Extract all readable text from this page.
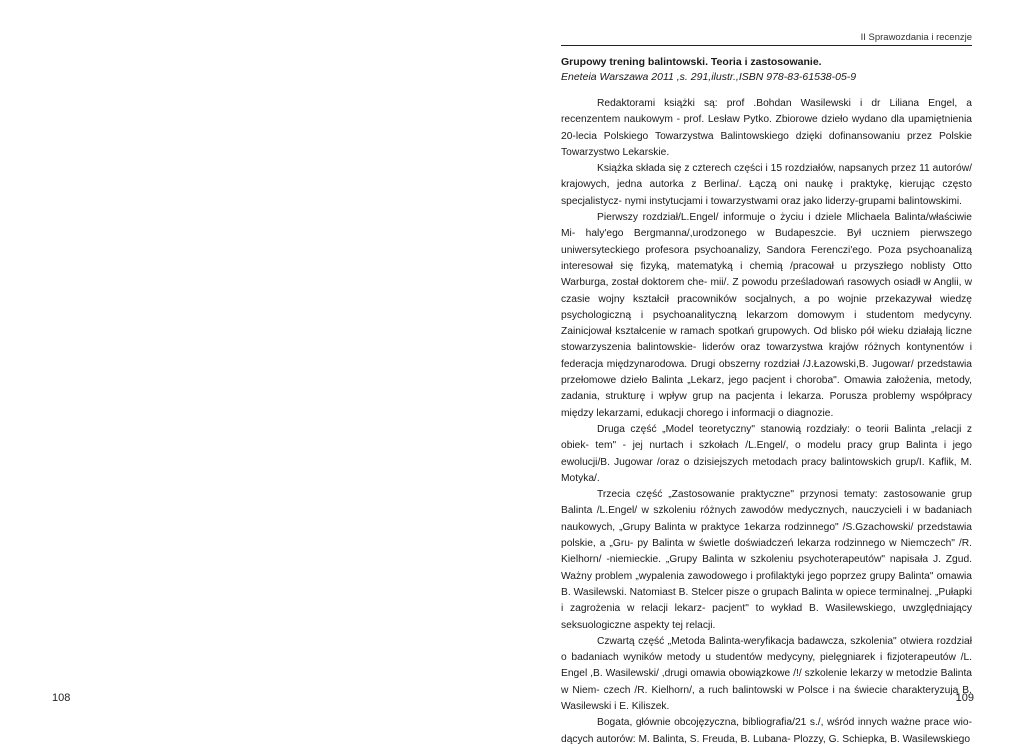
108
II Sprawozdania i recenzje
Grupowy trening balintowski. Teoria i zastosowanie.
Eneteia Warszawa 2011 ,s. 291,ilustr.,ISBN 978-83-61538-05-9

Redaktorami książki są: prof .Bohdan Wasilewski i dr Liliana Engel, a recenzentem naukowym - prof. Lesław Pytko. Zbiorowe dzieło wydano dla upamiętnienia 20-lecia Polskiego Towarzystwa Balintowskiego dzięki dofinansowaniu przez Polskie Towarzystwo Lekarskie.

Książka składa się z czterech części i 15 rozdziałów, napsanych przez 11 autorów/ krajowych, jedna autorka z Berlina/. Łączą oni naukę i praktykę, kierując często specjalistycz- nymi instytucjami i towarzystwami oraz jako liderzy-grupami balintowskimi.

Pierwszy rozdział/L.Engel/ informuje o życiu i dziele Mlichaela Balinta/właściwie Mi- haly'ego Bergmanna/,urodzonego w Budapeszcie. Był uczniem pierwszego uniwersyteckiego profesora psychoanalizy, Sandora Ferenczi'ego. Poza psychoanalizą interesował się fizyką, matematyką i chemią /pracował u przyszłego noblisty Otto Warburga, został doktorem che- mii/. Z powodu prześladowań rasowych osiadł w Anglii, w czasie wojny kształcił pracowników socjalnych, a po wojnie przekazywał wiedzę psychologiczną i psychoanalityczną lekarzom domowym i studentom medycyny. Zainicjował kształcenie w ramach spotkań grupowych. Od blisko pół wieku działają liczne stowarzyszenia balintowskie- liderów oraz towarzystwa krajów różnych kontynentów i federacja międzynarodowa. Drugi obszerny rozdział /J.Łazowski,B. Jugowar/ przedstawia przełomowe dzieło Balinta „Lekarz, jego pacjent i choroba". Omawia założenia, metody, zadania, strukturę i wpływ grup na pacjenta i lekarza. Porusza problemy współpracy między lekarzami, edukacji chorego i informacji o diagnozie.

Druga część „Model teoretyczny" stanowią rozdziały: o teorii Balinta „relacji z obiek- tem" - jej nurtach i szkołach /L.Engel/, o modelu pracy grup Balinta i jego ewolucji/B. Jugowar /oraz o dzisiejszych metodach pracy balintowskich grup/I. Kaflik, M. Motyka/.

Trzecia część „Zastosowanie praktyczne" przynosi tematy: zastosowanie grup Balinta /L.Engel/ w szkoleniu różnych zawodów medycznych, nauczycieli i w badaniach naukowych, „Grupy Balinta w praktyce 1ekarza rodzinnego" /S.Gzachowski/ przedstawia polskie, a „Gru- py Balinta w świetle doświadczeń lekarza rodzinnego w Niemczech" /R. Kielhorn/ -niemieckie. „Grupy Balinta w szkoleniu psychoterapeutów" napisała J. Zgud. Ważny problem „wypalenia zawodowego i profilaktyki jego poprzez grupy Balinta" omawia B. Wasilewski. Natomiast B. Stelcer pisze o grupach Balinta w opiece terminalnej. „Pułapki i zagrożenia w relacji lekarz- pacjent" to wykład B. Wasilewskiego, uwzględniający seksuologiczne aspekty tej relacji.

Czwartą część „Metoda Balinta-weryfikacja badawcza, szkolenia" otwiera rozdział o badaniach wyników metody u studentów medycyny, pielęgniarek i fizjoterapeutów /L. Engel ,B. Wasilewski/ ,drugi omawia obowiązkowe /!/ szkolenie lekarzy w metodzie Balinta w Niem- czech /R. Kielhorn/, a ruch balintowski w Polsce i na świecie charakteryzują B. Wasilewski i E. Kiliszek.

Bogata, głównie obcojęzyczna, bibliografia/21 s./, wśród innych ważne prace wio- dących autorów: M. Balinta, S. Freuda, B. Lubana- Plozzy, G. Schiepka, B. Wasilewskiego

109
